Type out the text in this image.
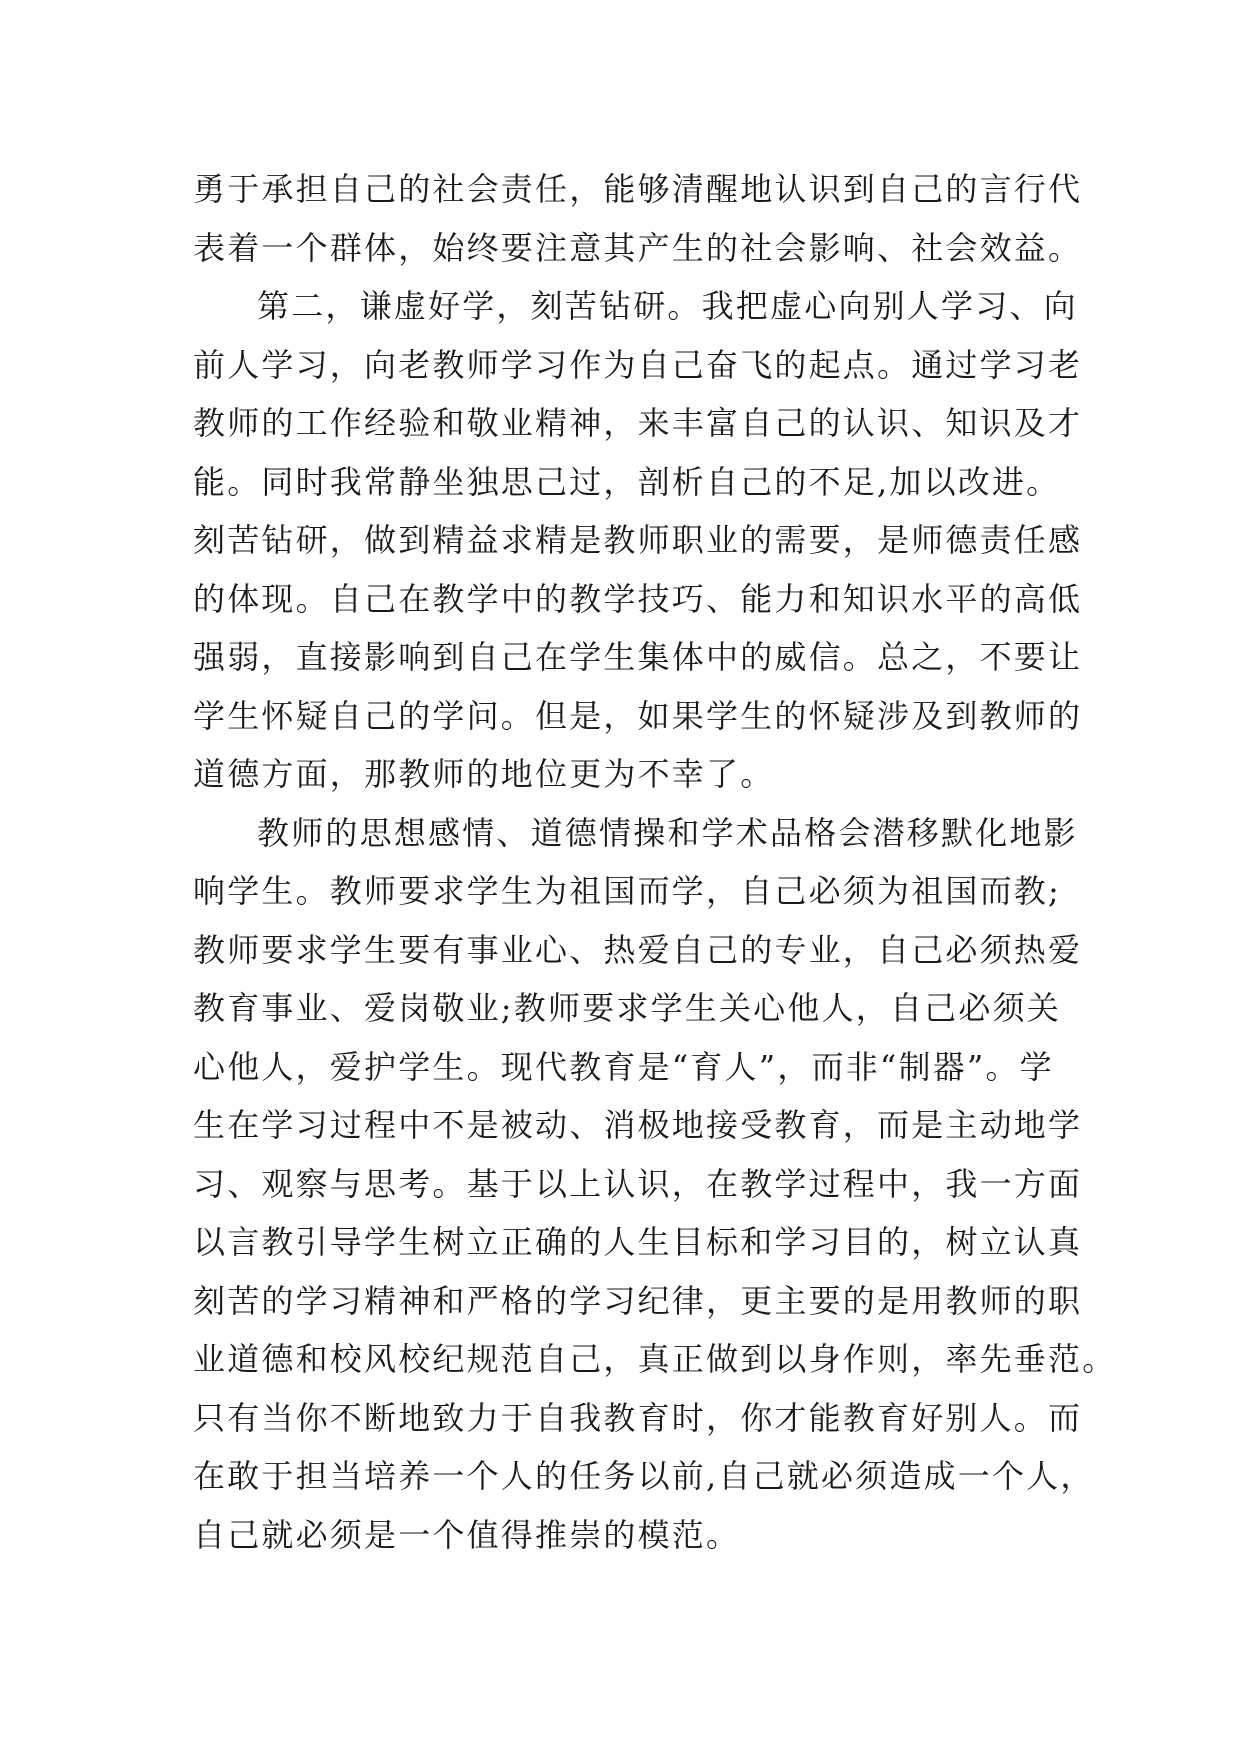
勇于承担自己的社会责任，能够清醒地认识到自己的言行代
表着一个群体，始终要注意其产生的社会影响、社会效益。
第二，谦虚好学，刻苦钻研。我把虚心向别人学习、向
前人学习，向老教师学习作为自己奋飞的起点。通过学习老
教师的工作经验和敬业精神，来丰富自己的认识、知识及才
能。同时我常静坐独思己过，剖析自己的不足,加以改进。
刻苦钻研，做到精益求精是教师职业的需要，是师德责任感
的体现。自己在教学中的教学技巧、能力和知识水平的高低
强弱，直接影响到自己在学生集体中的威信。总之，不要让
学生怀疑自己的学问。但是，如果学生的怀疑涉及到教师的
道德方面，那教师的地位更为不幸了。
教师的思想感情、道德情操和学术品格会潜移默化地影
响学生。教师要求学生为祖国而学，自己必须为祖国而教;
教师要求学生要有事业心、热爱自己的专业，自己必须热爱
教育事业、爱岗敬业;教师要求学生关心他人，自己必须关
心他人，爱护学生。现代教育是“育人”，而非“制器”。学
生在学习过程中不是被动、消极地接受教育，而是主动地学
习、观察与思考。基于以上认识，在教学过程中，我一方面
以言教引导学生树立正确的人生目标和学习目的，树立认真
刻苦的学习精神和严格的学习纪律，更主要的是用教师的职
业道德和校风校纪规范自己，真正做到以身作则，率先垂范。
只有当你不断地致力于自我教育时，你才能教育好别人。而
在敢于担当培养一个人的任务以前,自己就必须造成一个人，
自己就必须是一个值得推崇的模范。
